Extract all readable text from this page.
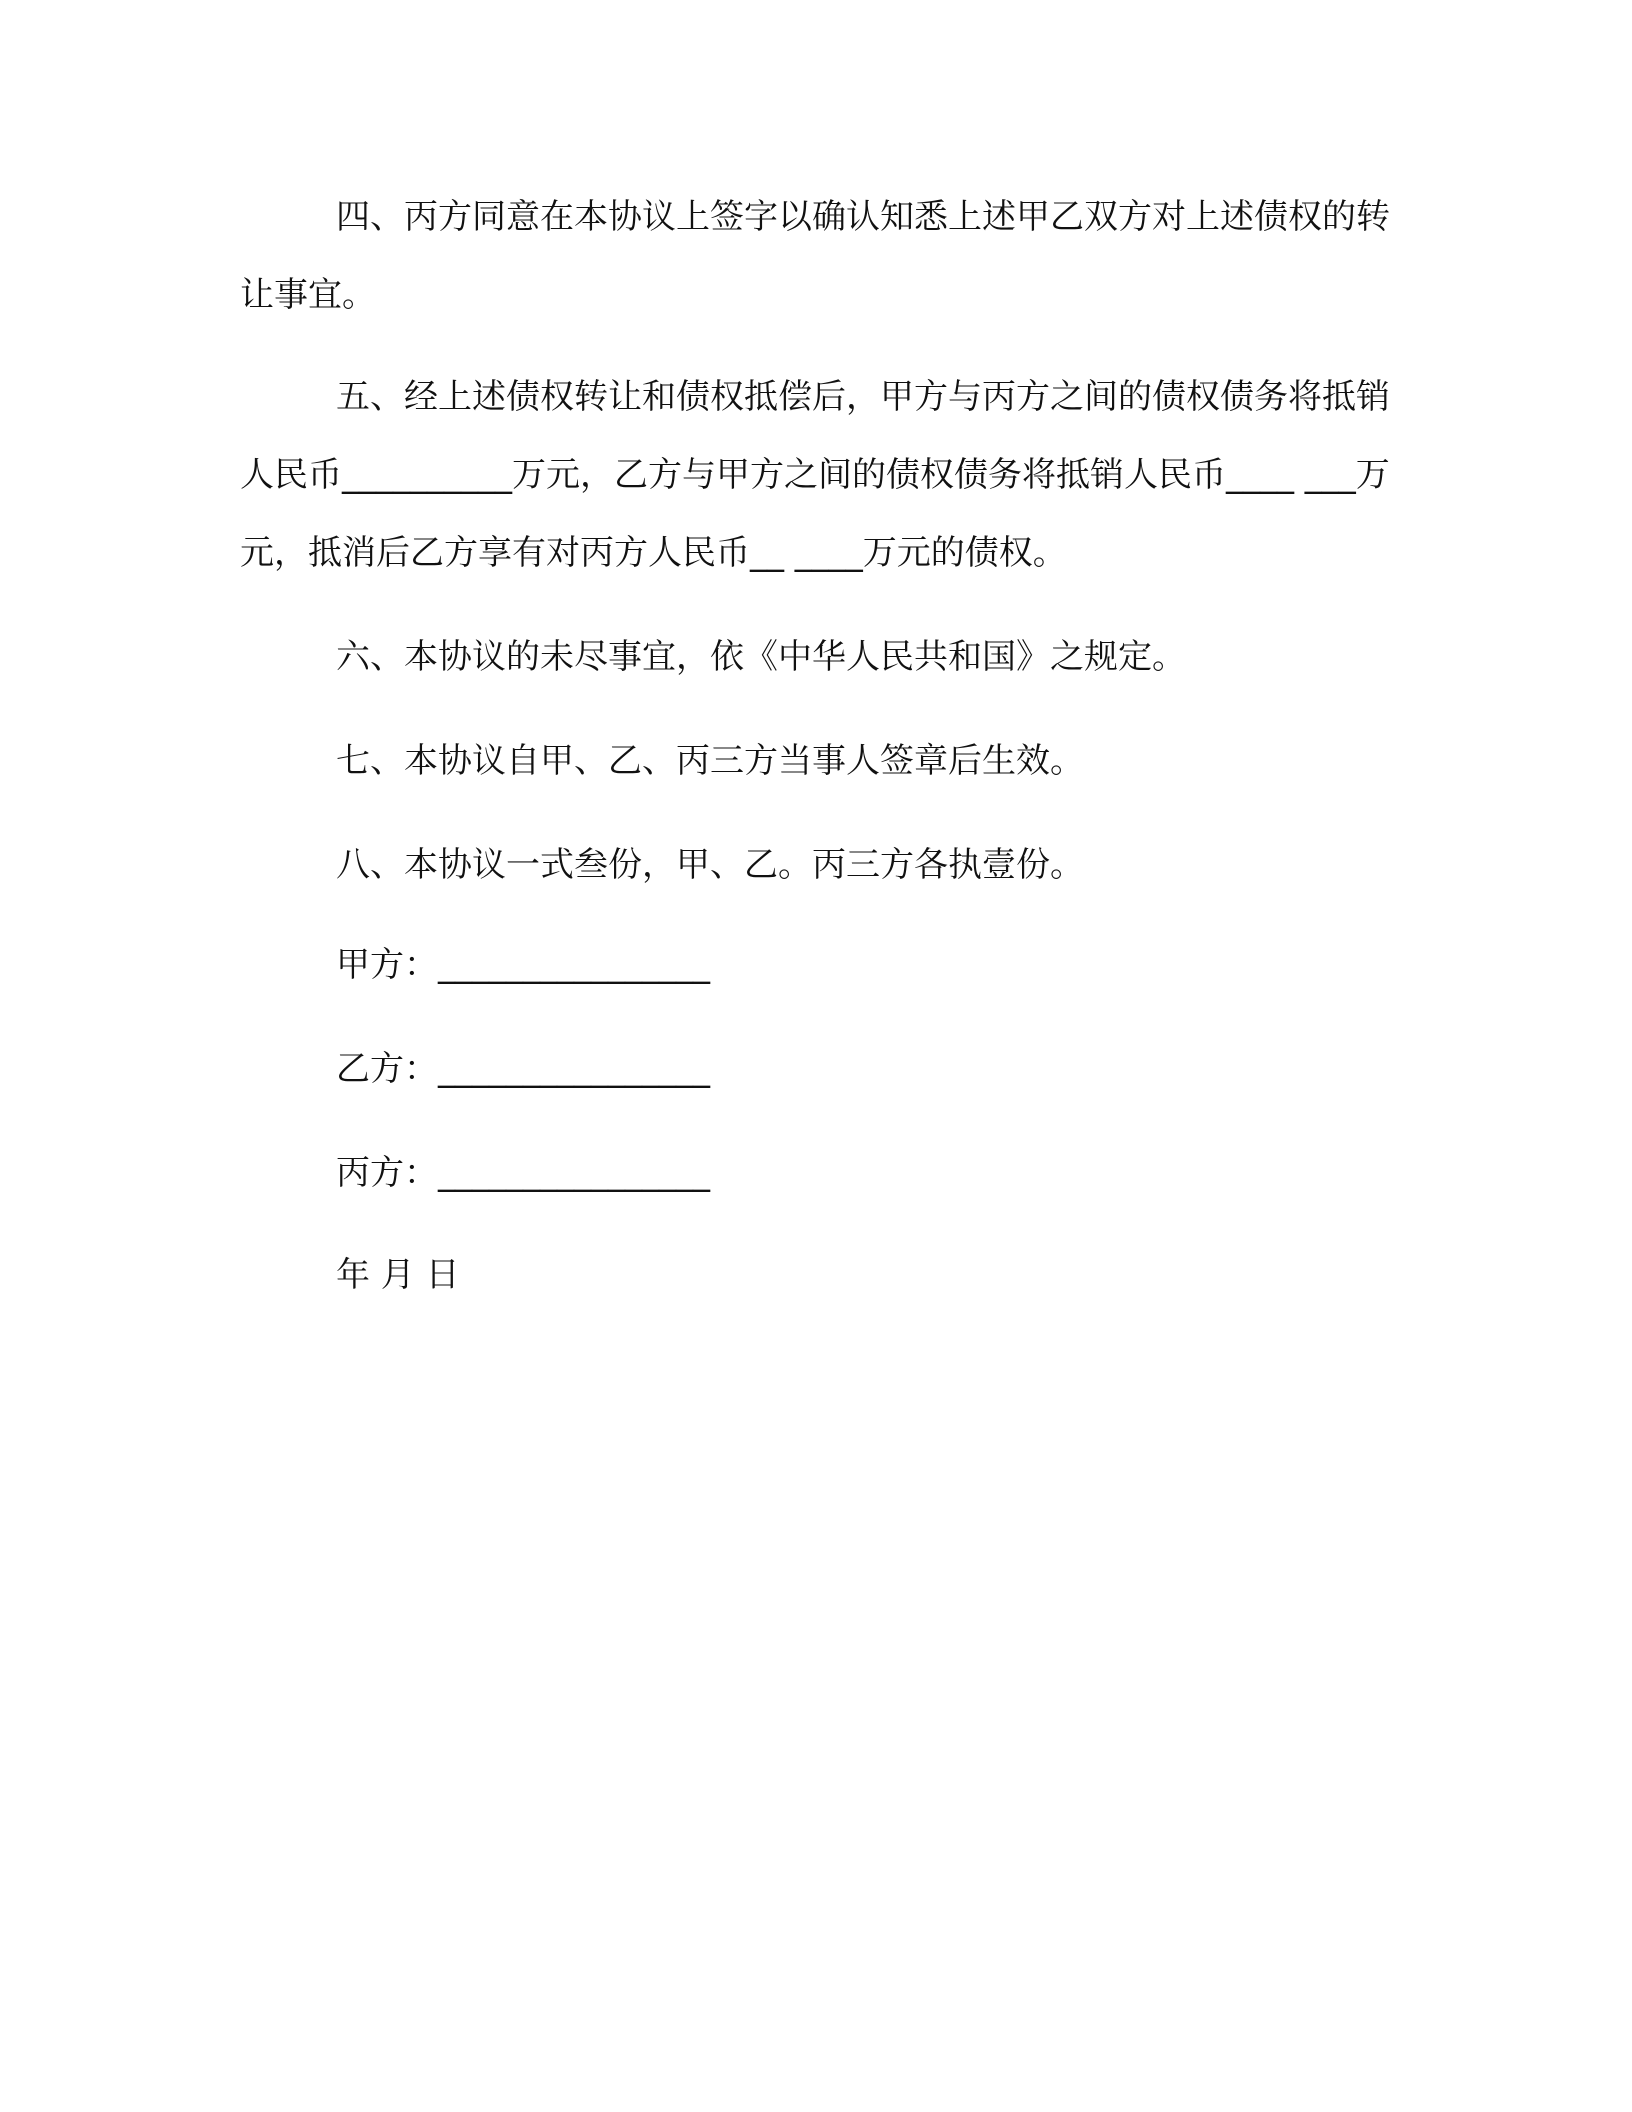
四、丙方同意在本协议上签字以确认知悉上述甲乙双方对上述债权的转让事宜。
五、经上述债权转让和债权抵偿后，甲方与丙方之间的债权债务将抵销人民币__________万元，乙方与甲方之间的债权债务将抵销人民币____ ___万元，抵消后乙方享有对丙方人民币__ ____万元的债权。
六、本协议的未尽事宜，依《中华人民共和国》之规定。
七、本协议自甲、乙、丙三方当事人签章后生效。
八、本协议一式叁份，甲、乙。丙三方各执壹份。
甲方：________________
乙方：________________
丙方：________________
年 月 日
